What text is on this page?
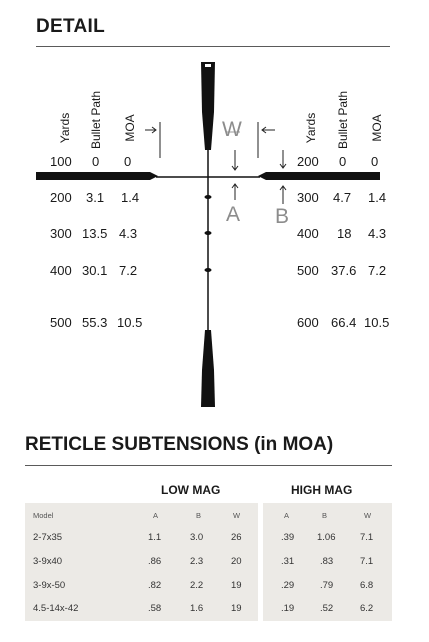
DETAIL
W
A B
Yards Bullet Path MOA	Yards Bullet Path MOA
100 0 0
200 3.1 1.4
300 13.5 4.3
400 30.1 7.2
500 55.3 10.5
200 0 0
300 4.7 1.4
400 18 4.3
500 37.6 7.2
600 66.4 10.5
RETICLE SUBTENSIONS (in MOA)
LOW MAG	HIGH MAG
Model	A	B	W	A	B	W
2-7x35	1.1	3.0	26	.39 1.06	7.1
3-9x40	.86	2.3	20	.31	.83	7.1
3-9x-50	.82	2.2	19	.29	.79	6.8
4.5-14x-42	.58	1.6	19	.19	.52	6.2
